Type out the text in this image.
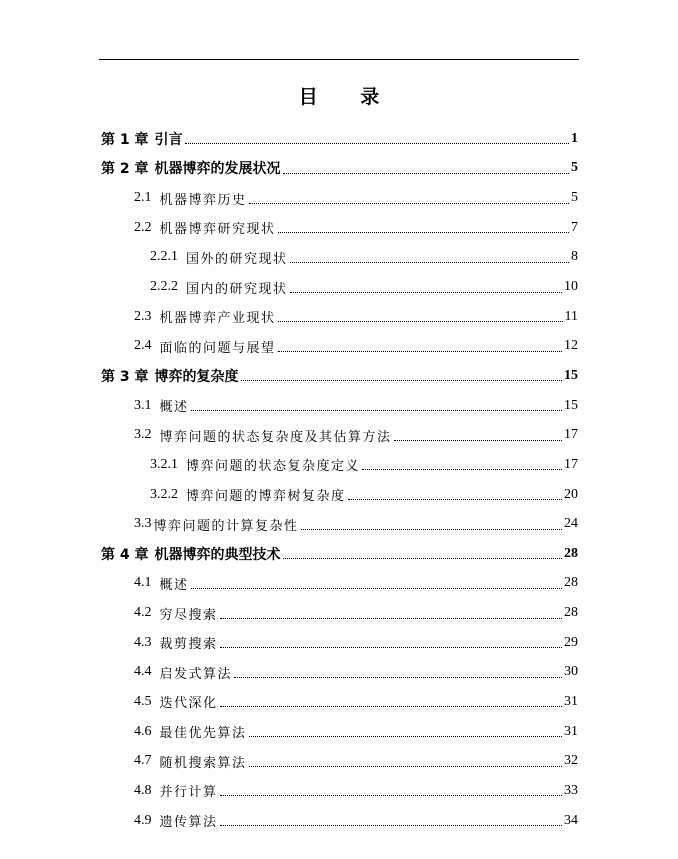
目 录
第 1 章 引言	1
第 2 章 机器博弈的发展状况	5
2.1 机器博弈历史	5
2.2 机器博弈研究现状	7
2.2.1 国外的研究现状	8
2.2.2 国内的研究现状	10
2.3 机器博弈产业现状	11
2.4 面临的问题与展望	12
第 3 章 博弈的复杂度	15
3.1 概述	15
3.2 博弈问题的状态复杂度及其估算方法	17
3.2.1 博弈问题的状态复杂度定义	17
3.2.2 博弈问题的博弈树复杂度	20
3.3 博弈问题的计算复杂性	24
第 4 章 机器博弈的典型技术	28
4.1 概述	28
4.2 穷尽搜索	28
4.3 裁剪搜索	29
4.4 启发式算法	30
4.5 迭代深化	31
4.6 最佳优先算法	31
4.7 随机搜索算法	32
4.8 并行计算	33
4.9 遗传算法	34
